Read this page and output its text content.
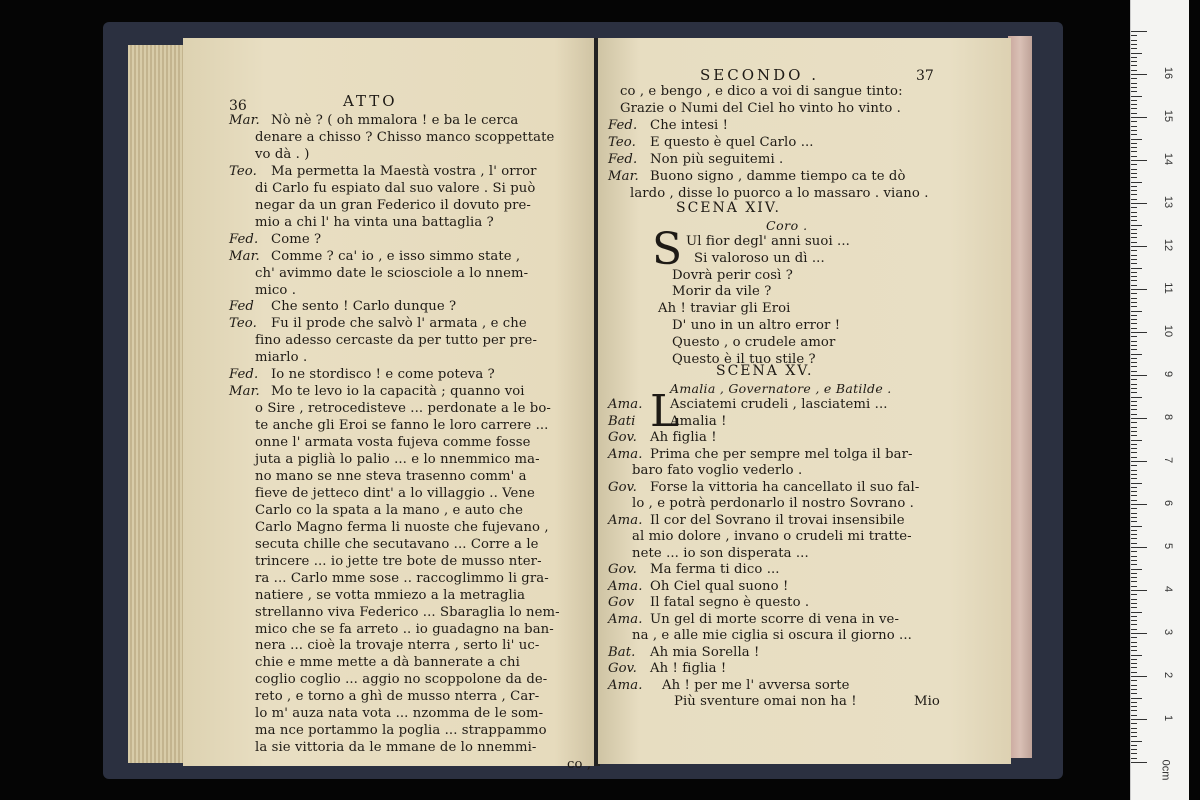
36	ATTO
Mar. Nò nè ? ( oh mmalora ! e ba le cerca
denare a chisso ? Chisso manco scoppettate
vo dà . )
Teo. Ma permetta la Maestà vostra , l' orror
di Carlo fu espiato dal suo valore . Si può
negar da un gran Federico il dovuto pre-
mio a chi l' ha vinta una battaglia ?
Fed. Come ?
Mar. Comme ? ca' io , e isso simmo state ,
ch' avimmo date le sciosciole a lo nnem-
mico .
Fed Che sento ! Carlo dunque ?
Teo. Fu il prode che salvò l' armata , e che
fino adesso cercaste da per tutto per pre-
miarlo .
Fed. Io ne stordisco ! e come poteva ?
Mar. Mo te levo io la capacità ; quanno voi
o Sire , retrocedisteve ... perdonate a le bo-
te anche gli Eroi se fanno le loro carrere ...
onne l' armata vosta fujeva comme fosse
juta a piglià lo palio ... e lo nnemmico ma-
no mano se nne steva trasenno comm' a
fieve de jetteco dint' a lo villaggio .. Vene
Carlo co la spata a la mano , e auto che
Carlo Magno ferma li nuoste che fujevano ,
secuta chille che secutavano ... Corre a le
trincere ... io jette tre bote de musso nter-
ra ... Carlo mme sose .. raccoglimmo li gra-
natiere , se votta mmiezo a la metraglia
strellanno viva Federico ... Sbaraglia lo nem-
mico che se fa arreto .. io guadagno na ban-
nera ... cioè la trovaje nterra , serto li' uc-
chie e mme mette a dà bannerate a chi
coglio coglio ... aggio no scoppolone da de-
reto , e torno a ghì de musso nterra , Car-
lo m' auza nata vota ... nzomma de le som-
ma nce portammo la poglia ... strappammo
la sie vittoria da le mmane de lo nnemmi-
co ,
SECONDO .	37
co , e bengo , e dico a voi di sangue tinto:
Grazie o Numi del Ciel ho vinto ho vinto .
Fed. Che intesi !
Teo. E questo è quel Carlo ...
Fed. Non più seguitemi .
Mar. Buono signo , damme tiempo ca te dò
lardo , disse lo puorco a lo massaro . viano .
SCENA XIV.
Coro .
S Ul fior degl' anni suoi ...
Si valoroso un dì ...
Dovrà perir così ?
Morir da vile ?
Ah ! traviar gli Eroi
D' uno in un altro error !
Questo , o crudele amor
Questo è il tuo stile ?
SCENA XV.
Amalia , Governatore , e Batilde .
L
Ama. Asciatemi crudeli , lasciatemi ...
Bati	Amalia !
Gov. Ah figlia !
Ama. Prima che per sempre mel tolga il bar-
baro fato voglio vederlo .
Gov. Forse la vittoria ha cancellato il suo fal-
lo , e potrà perdonarlo il nostro Sovrano .
Ama. Il cor del Sovrano il trovai insensibile
al mio dolore , invano o crudeli mi tratte-
nete ... io son disperata ...
Gov. Ma ferma ti dico ...
Ama. Oh Ciel qual suono !
Gov Il fatal segno è questo .
Ama. Un gel di morte scorre di vena in ve-
na , e alle mie ciglia si oscura il giorno ...
Bat. Ah mia Sorella !
Gov. Ah ! figlia !
Ama. Ah ! per me l' avversa sorte
Più sventure omai non ha !	Mio
0cm
1
2
3
4
5
6
7
8
9
10
11
12
13
14
15
16
